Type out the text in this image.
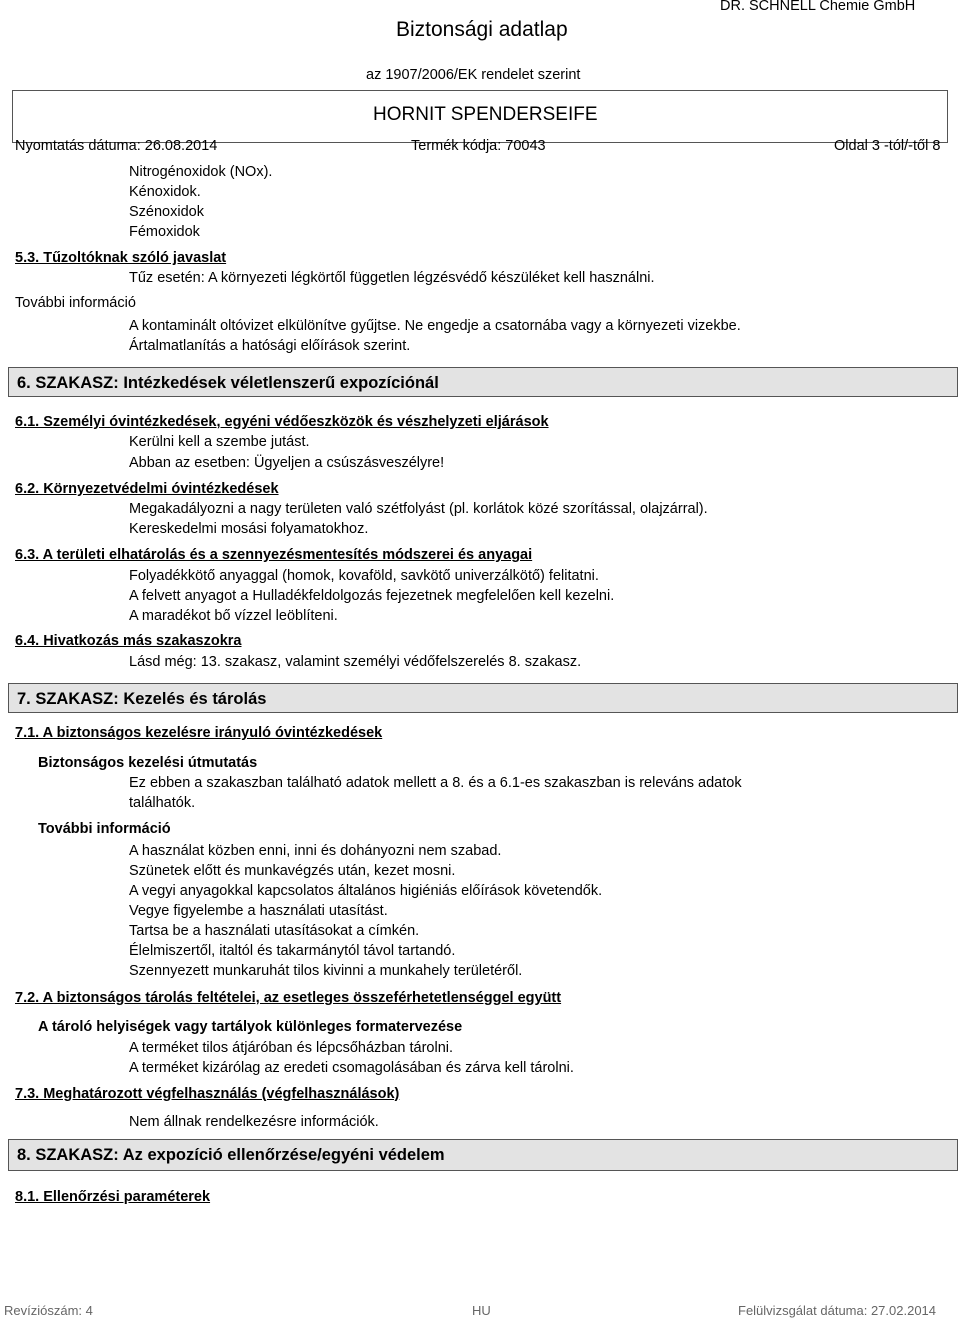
Biztonsági adatlap
DR. SCHNELL Chemie GmbH
az 1907/2006/EK rendelet szerint
HORNIT SPENDERSEIFE
Nyomtatás dátuma: 26.08.2014	Termék kódja: 70043	Oldal 3 -tól/-től 8
Nitrogénoxidok (NOx).
Kénoxidok.
Szénoxidok
Fémoxidok
5.3. Tűzoltóknak szóló javaslat
Tűz esetén: A környezeti légkörtől független légzésvédő készüléket kell használni.
További információ
A kontaminált oltóvizet elkülönítve gyűjtse. Ne engedje a csatornába vagy a környezeti vizekbe.
Ártalmatlanítás a hatósági előírások szerint.
6. SZAKASZ: Intézkedések véletlenszerű expozíciónál
6.1. Személyi óvintézkedések, egyéni védőeszközök és vészhelyzeti eljárások
Kerülni kell a szembe jutást.
Abban az esetben: Ügyeljen a csúszásveszélyre!
6.2. Környezetvédelmi óvintézkedések
Megakadályozni a nagy területen való szétfolyást (pl. korlátok közé szorítással, olajzárral).
Kereskedelmi mosási folyamatokhoz.
6.3. A területi elhatárolás és a szennyezésmentesítés módszerei és anyagai
Folyadékkötő anyaggal (homok, kovaföld, savkötő univerzálkötő) felitatni.
A felvett anyagot a Hulladékfeldolgozás fejezetnek megfelelően kell kezelni.
A maradékot bő vízzel leöblíteni.
6.4. Hivatkozás más szakaszokra
Lásd még: 13. szakasz, valamint személyi védőfelszerelés 8. szakasz.
7. SZAKASZ: Kezelés és tárolás
7.1. A biztonságos kezelésre irányuló óvintézkedések
Biztonságos kezelési útmutatás
Ez ebben a szakaszban található adatok mellett a 8. és a 6.1-es szakaszban is releváns adatok
találhatók.
További információ
A használat közben enni, inni és dohányozni nem szabad.
Szünetek előtt és munkavégzés után, kezet mosni.
A vegyi anyagokkal kapcsolatos általános higiéniás előírások követendők.
Vegye figyelembe a használati utasítást.
Tartsa be a használati utasításokat a címkén.
Élelmiszertől, italtól és takarmánytól távol tartandó.
Szennyezett munkaruhát tilos kivinni a munkahely területéről.
7.2. A biztonságos tárolás feltételei, az esetleges összeférhetetlenséggel együtt
A tároló helyiségek vagy tartályok különleges formatervezése
A terméket tilos átjáróban és lépcsőházban tárolni.
A terméket kizárólag az eredeti csomagolásában és zárva kell tárolni.
7.3. Meghatározott végfelhasználás (végfelhasználások)
Nem állnak rendelkezésre információk.
8. SZAKASZ: Az expozíció ellenőrzése/egyéni védelem
8.1. Ellenőrzési paraméterek
Revíziószám: 4	HU	Felülvizsgálat dátuma: 27.02.2014
